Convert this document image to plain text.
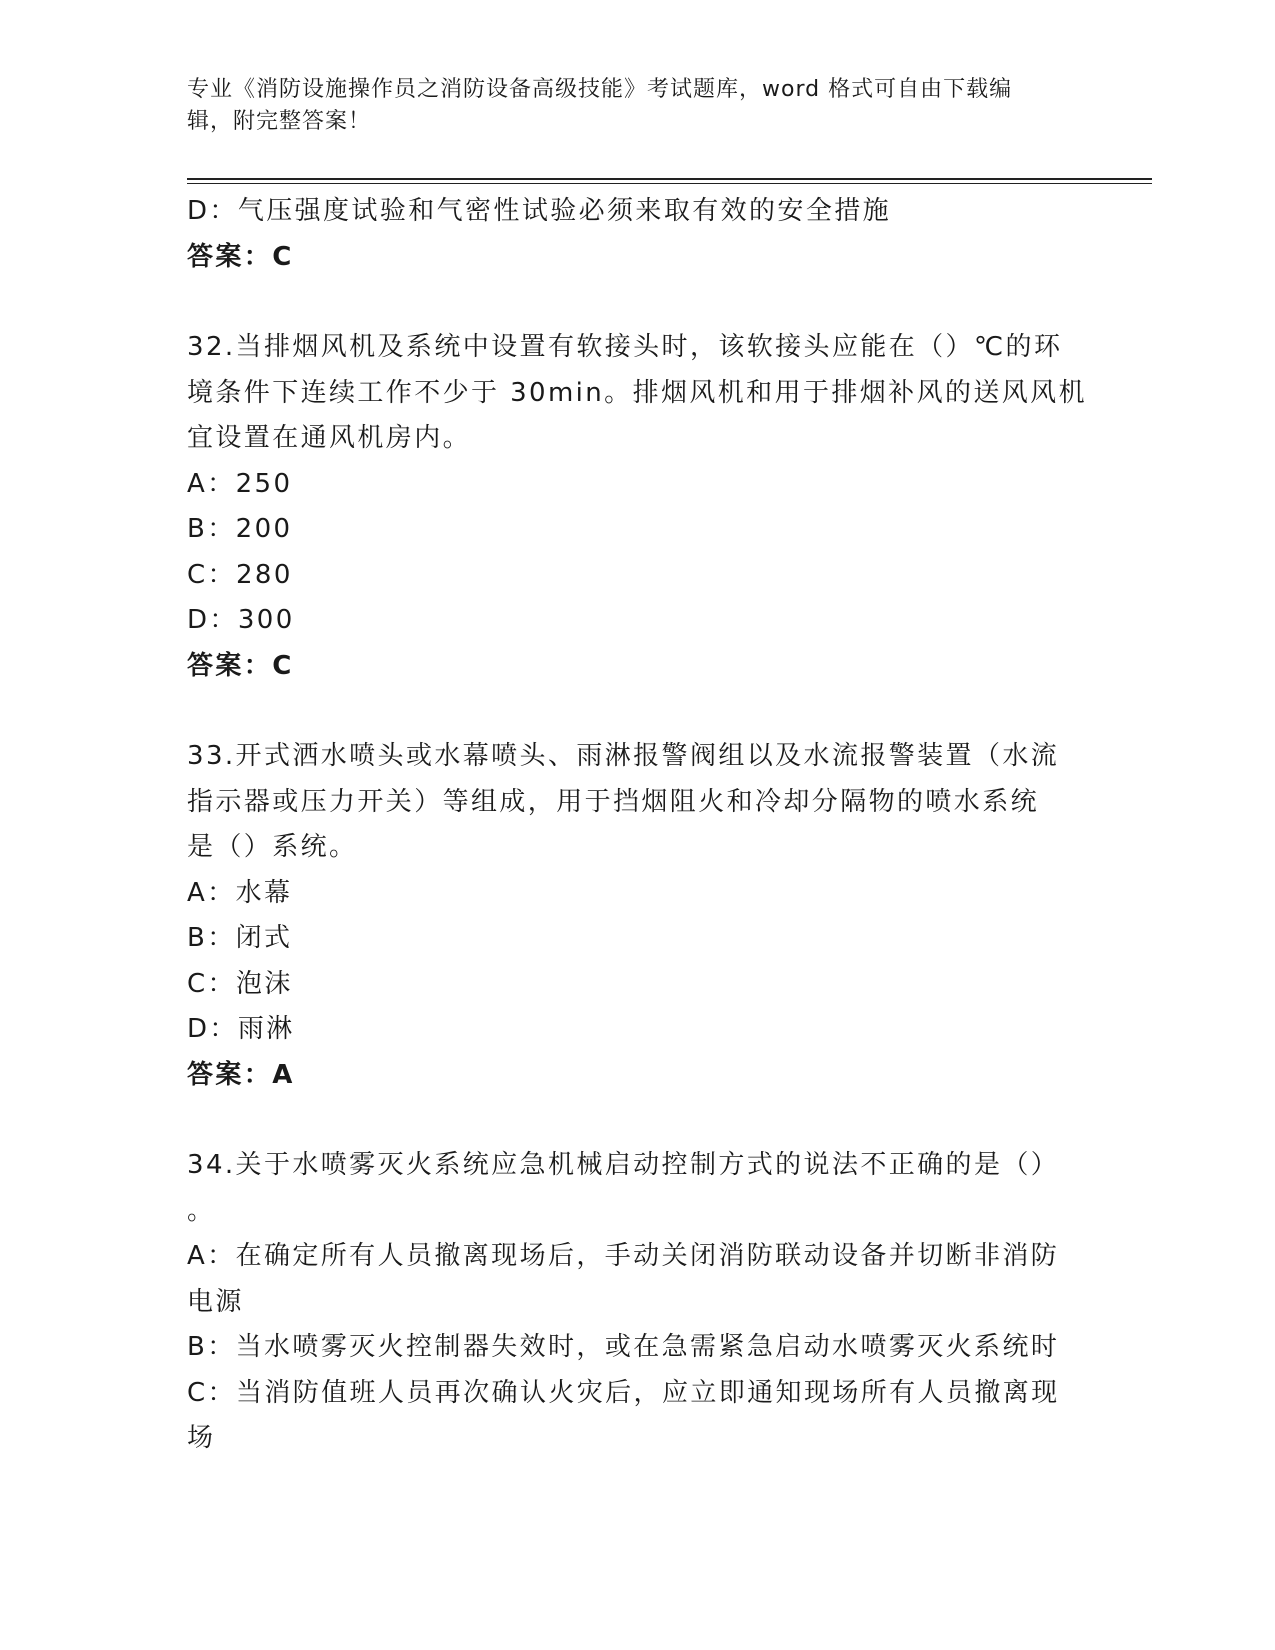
专业《消防设施操作员之消防设备高级技能》考试题库，word 格式可自由下载编
辑，附完整答案！

D：气压强度试验和气密性试验必须来取有效的安全措施

答案：C

32.当排烟风机及系统中设置有软接头时，该软接头应能在（）℃的环

境条件下连续工作不少于 30min。排烟风机和用于排烟补风的送风风机

宜设置在通风机房内。

A：250

B：200

C：280

D：300

答案：C

33.开式洒水喷头或水幕喷头、雨淋报警阀组以及水流报警装置（水流

指示器或压力开关）等组成，用于挡烟阻火和冷却分隔物的喷水系统

是（）系统。

A：水幕

B：闭式

C：泡沫

D：雨淋

答案：A

34.关于水喷雾灭火系统应急机械启动控制方式的说法不正确的是（）

。

A：在确定所有人员撤离现场后，手动关闭消防联动设备并切断非消防

电源

B：当水喷雾灭火控制器失效时，或在急需紧急启动水喷雾灭火系统时

C：当消防值班人员再次确认火灾后，应立即通知现场所有人员撤离现

场
